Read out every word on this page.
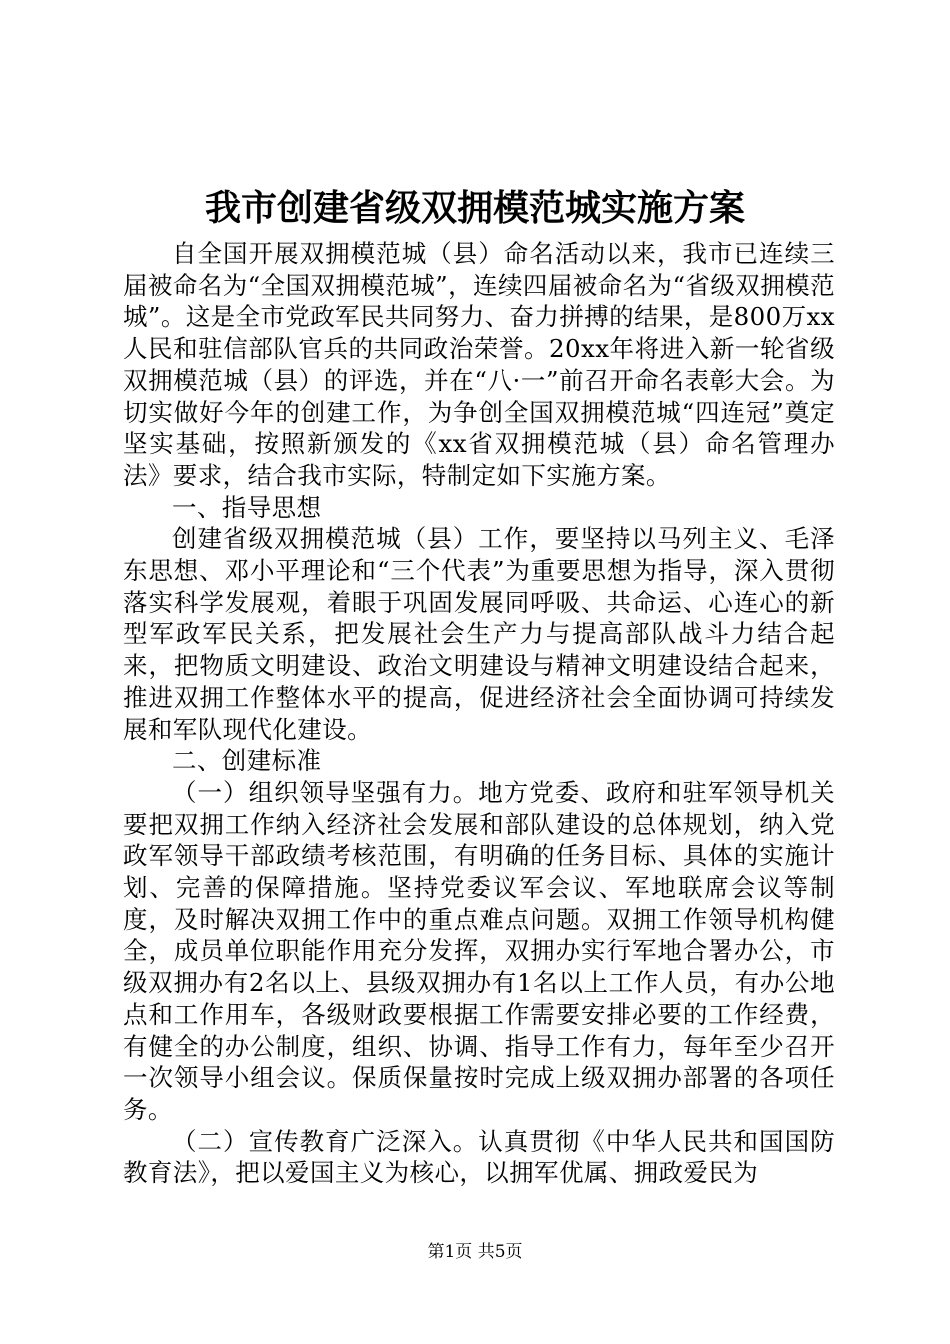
我市创建省级双拥模范城实施方案

自全国开展双拥模范城（县）命名活动以来，我市已连续三届被命名为“全国双拥模范城”，连续四届被命名为“省级双拥模范城”。这是全市党政军民共同努力、奋力拼搏的结果，是800万xx人民和驻信部队官兵的共同政治荣誉。20xx年将进入新一轮省级双拥模范城（县）的评选，并在“八·一”前召开命名表彰大会。为切实做好今年的创建工作，为争创全国双拥模范城“四连冠”奠定坚实基础，按照新颁发的《xx省双拥模范城（县）命名管理办法》要求，结合我市实际，特制定如下实施方案。

一、指导思想

创建省级双拥模范城（县）工作，要坚持以马列主义、毛泽东思想、邓小平理论和“三个代表”为重要思想为指导，深入贯彻落实科学发展观，着眼于巩固发展同呼吸、共命运、心连心的新型军政军民关系，把发展社会生产力与提高部队战斗力结合起来，把物质文明建设、政治文明建设与精神文明建设结合起来，推进双拥工作整体水平的提高，促进经济社会全面协调可持续发展和军队现代化建设。

二、创建标准

（一）组织领导坚强有力。地方党委、政府和驻军领导机关要把双拥工作纳入经济社会发展和部队建设的总体规划，纳入党政军领导干部政绩考核范围，有明确的任务目标、具体的实施计划、完善的保障措施。坚持党委议军会议、军地联席会议等制度，及时解决双拥工作中的重点难点问题。双拥工作领导机构健全，成员单位职能作用充分发挥，双拥办实行军地合署办公，市级双拥办有2名以上、县级双拥办有1名以上工作人员，有办公地点和工作用车，各级财政要根据工作需要安排必要的工作经费，有健全的办公制度，组织、协调、指导工作有力，每年至少召开一次领导小组会议。保质保量按时完成上级双拥办部署的各项任务。

（二）宣传教育广泛深入。认真贯彻《中华人民共和国国防教育法》，把以爱国主义为核心，以拥军优属、拥政爱民为

第1页 共5页
